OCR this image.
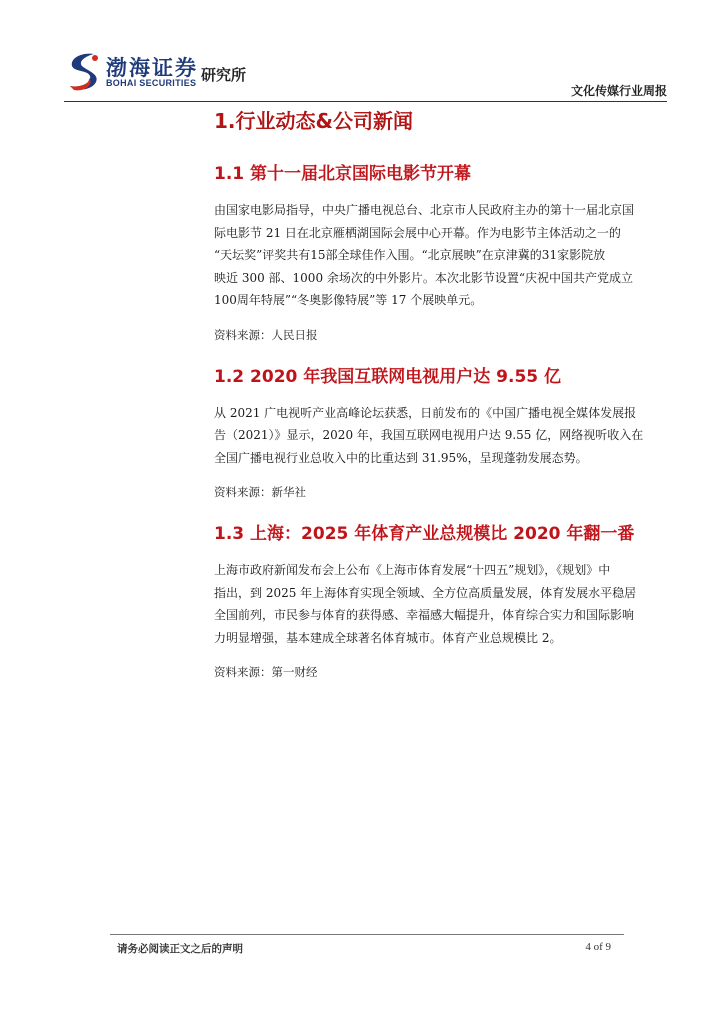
渤海证券
BOHAI SECURITIES 研究所
文化传媒行业周报
1.行业动态&公司新闻
1.1 第十一届北京国际电影节开幕
由国家电影局指导，中央广播电视总台、北京市人民政府主办的第十一届北京国
际电影节 21 日在北京雁栖湖国际会展中心开幕。作为电影节主体活动之一的
“天坛奖”评奖共有15部全球佳作入围。“北京展映”在京津冀的31家影院放
映近 300 部、1000 余场次的中外影片。本次北影节设置“庆祝中国共产党成立
100周年特展”“冬奥影像特展”等 17 个展映单元。
资料来源：人民日报
1.2 2020 年我国互联网电视用户达 9.55 亿
从 2021 广电视听产业高峰论坛获悉，日前发布的《中国广播电视全媒体发展报
告（2021）》显示，2020 年，我国互联网电视用户达 9.55 亿，网络视听收入在
全国广播电视行业总收入中的比重达到 31.95%，呈现蓬勃发展态势。
资料来源：新华社
1.3 上海：2025 年体育产业总规模比 2020 年翻一番
上海市政府新闻发布会上公布《上海市体育发展“十四五”规划》，《规划》中
指出，到 2025 年上海体育实现全领域、全方位高质量发展，体育发展水平稳居
全国前列，市民参与体育的获得感、幸福感大幅提升，体育综合实力和国际影响
力明显增强，基本建成全球著名体育城市。体育产业总规模比 2。
资料来源：第一财经
请务必阅读正文之后的声明	4 of 9
